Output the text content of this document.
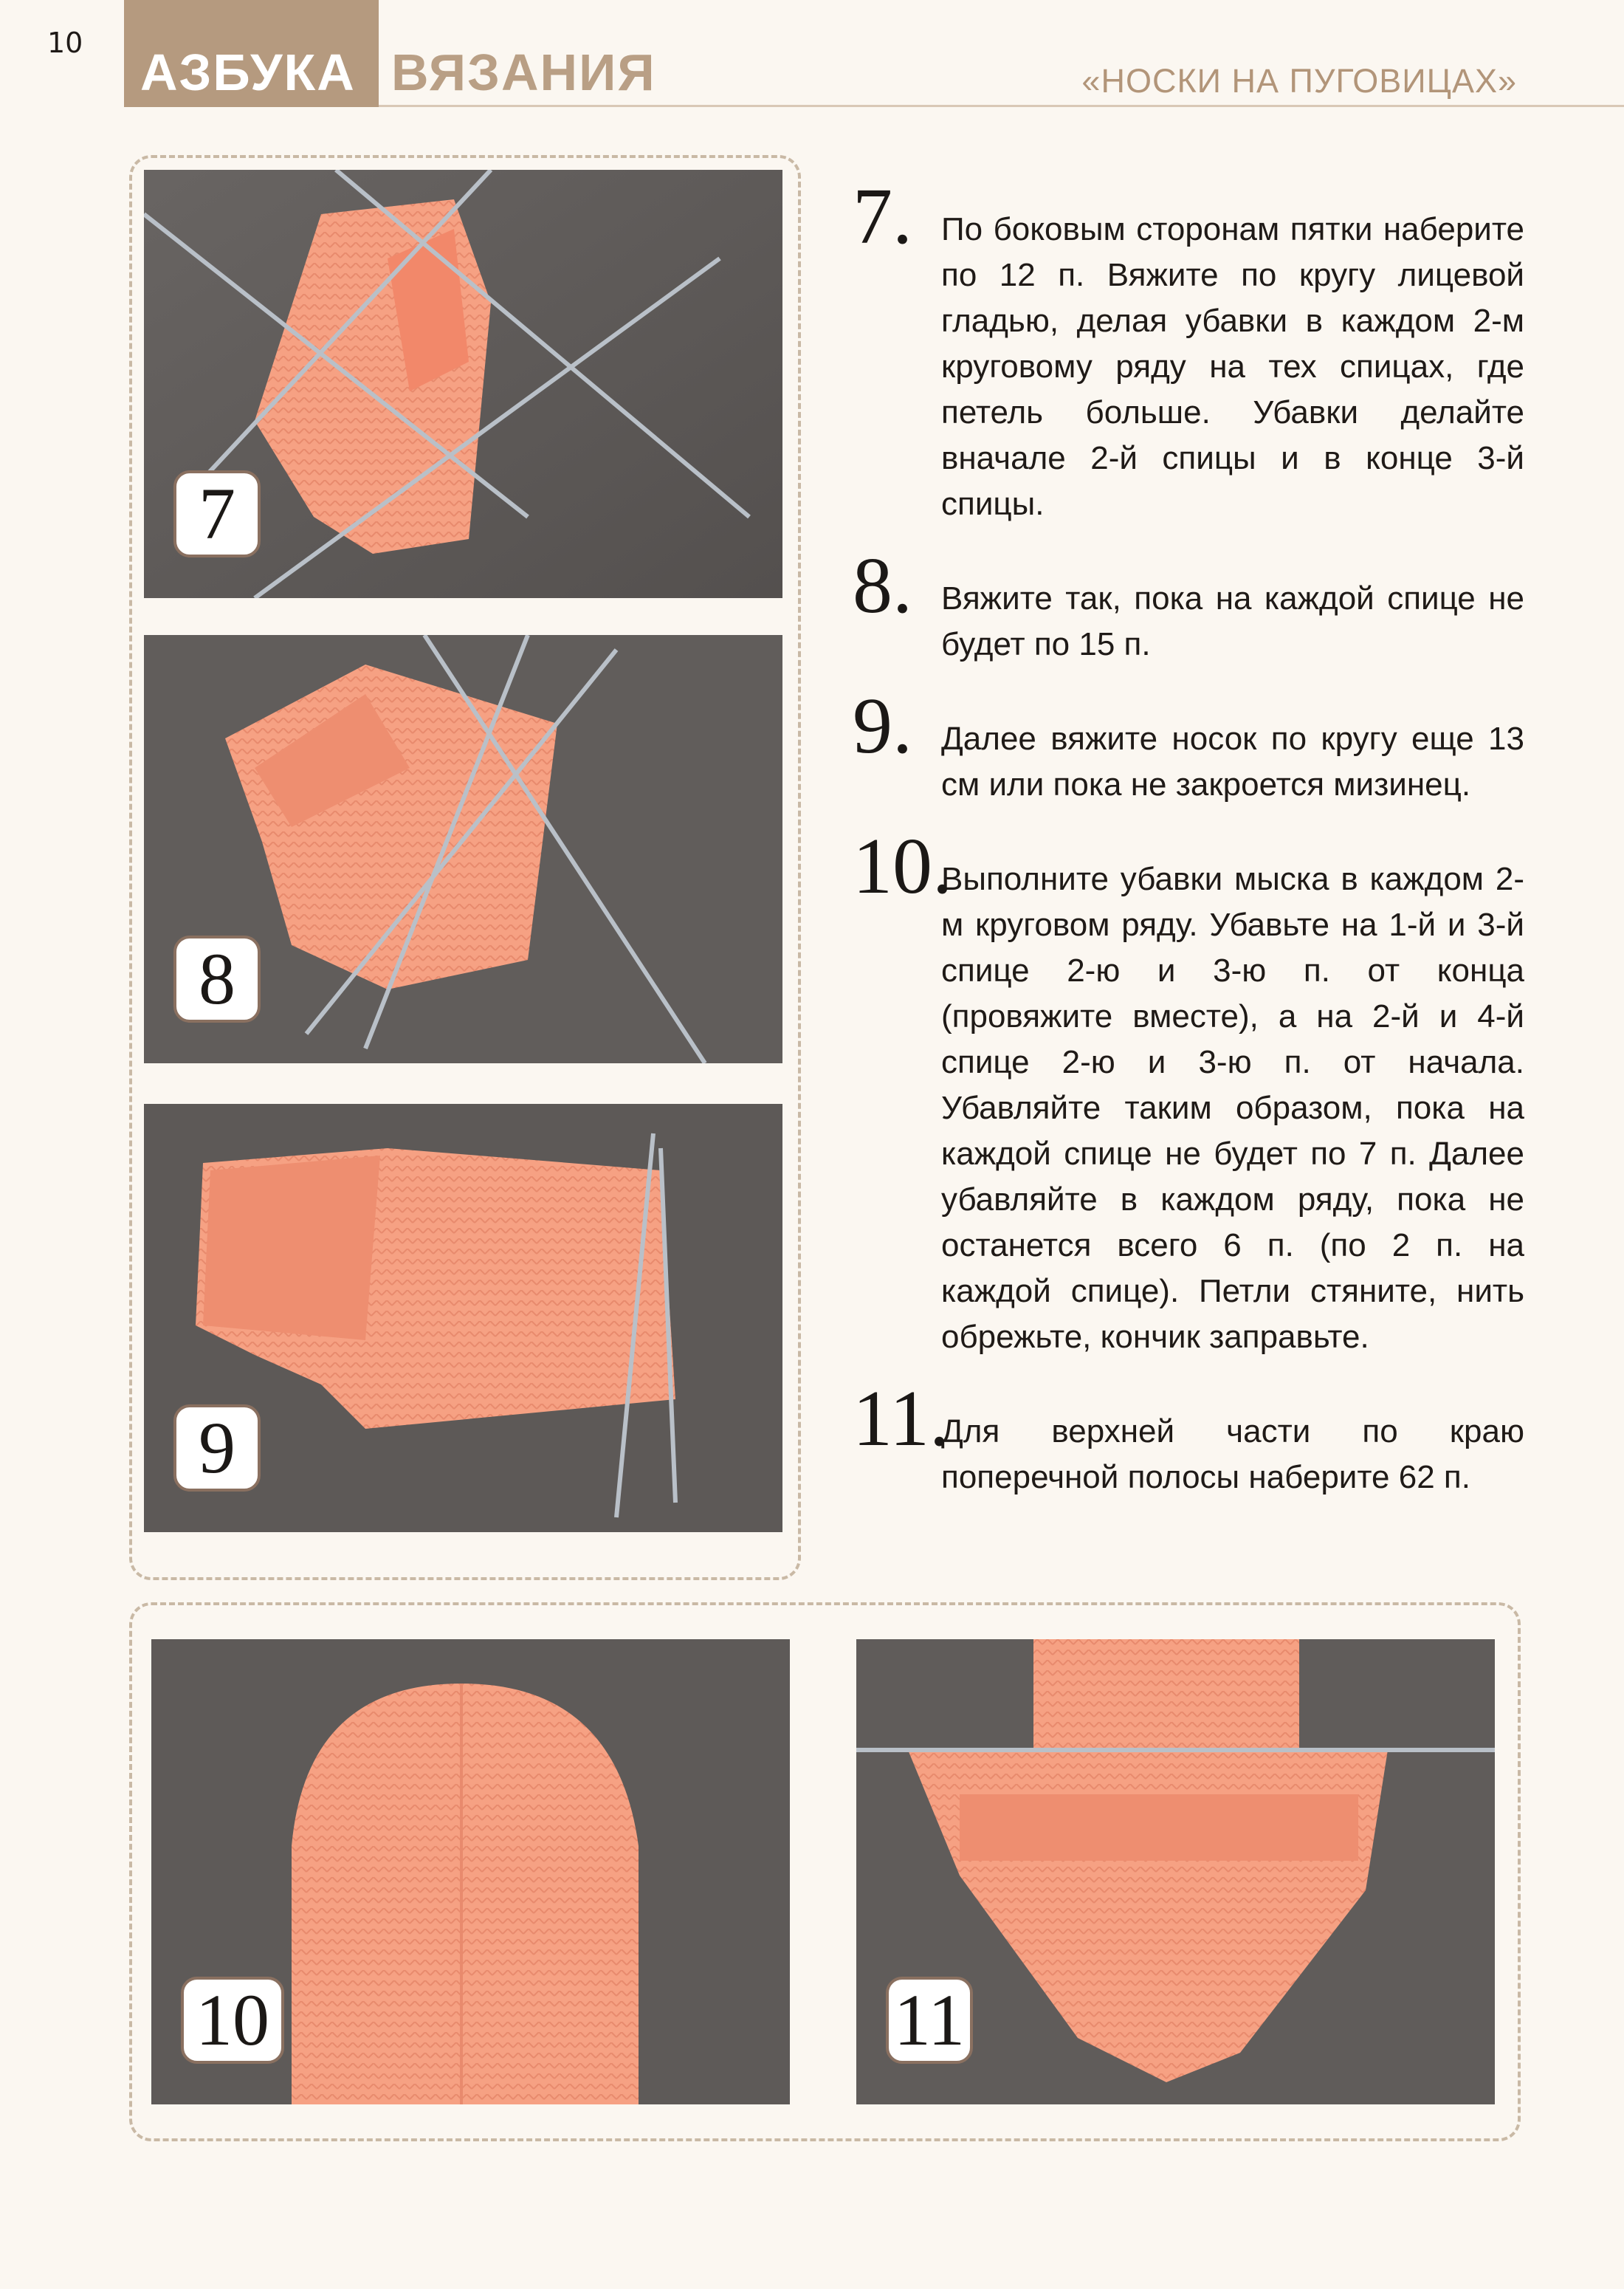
10
АЗБУКА ВЯЗАНИЯ	«НОСКИ НА ПУГОВИЦАХ»
7
8
9
10	11
7. По боковым сторонам пятки наберите по 12 п. Вяжите по кругу лицевой гладью, делая убавки в каждом 2-м круговому ряду на тех спицах, где петель больше. Убавки делайте вначале 2-й спицы и в конце 3-й спицы.
8. Вяжите так, пока на каждой спице не будет по 15 п.
9. Далее вяжите носок по кругу еще 13 см или пока не закроется мизинец.
10.
Выполните убавки мыска в каждом 2-м круговом ряду. Убавьте на 1-й и 3-й спице 2-ю и 3-ю п. от конца (провяжите вместе), а на 2-й и 4-й спице 2-ю и 3-ю п. от начала. Убавляйте таким образом, пока на каждой спице не будет по 7 п. Далее убавляйте в каждом ряду, пока не останется всего 6 п. (по 2 п. на каждой спице). Петли стяните, нить обрежьте, кончик заправьте.
11.
Для верхней части по краю поперечной полосы наберите 62 п.
